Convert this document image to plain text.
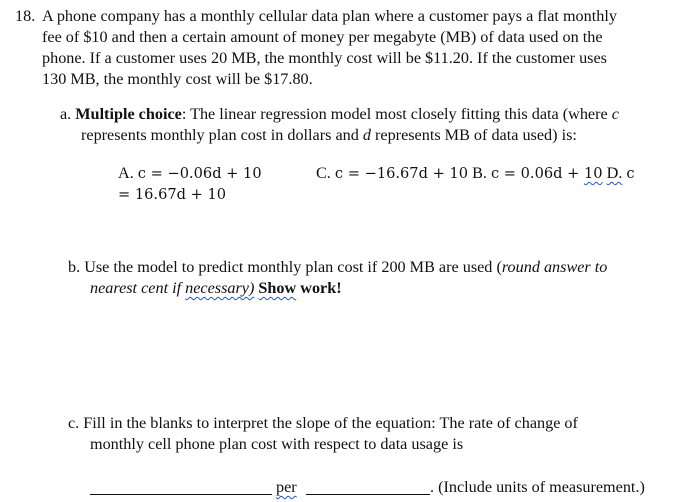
18. A phone company has a monthly cellular data plan where a customer pays a flat monthly
fee of $10 and then a certain amount of money per megabyte (MB) of data used on the
phone. If a customer uses 20 MB, the monthly cost will be $11.20. If the customer uses
130 MB, the monthly cost will be $17.80.
a. Multiple choice: The linear regression model most closely fitting this data (where c
represents monthly plan cost in dollars and d represents MB of data used) is:
A. c = −0.06d + 10	C. c = −16.67d + 10 B. c = 0.06d + 10 D. c
= 16.67d + 10
b. Use the model to predict monthly plan cost if 200 MB are used (round answer to
nearest cent if necessary) Show work!
c. Fill in the blanks to interpret the slope of the equation: The rate of change of
monthly cell phone plan cost with respect to data usage is
per	. (Include units of measurement.)
